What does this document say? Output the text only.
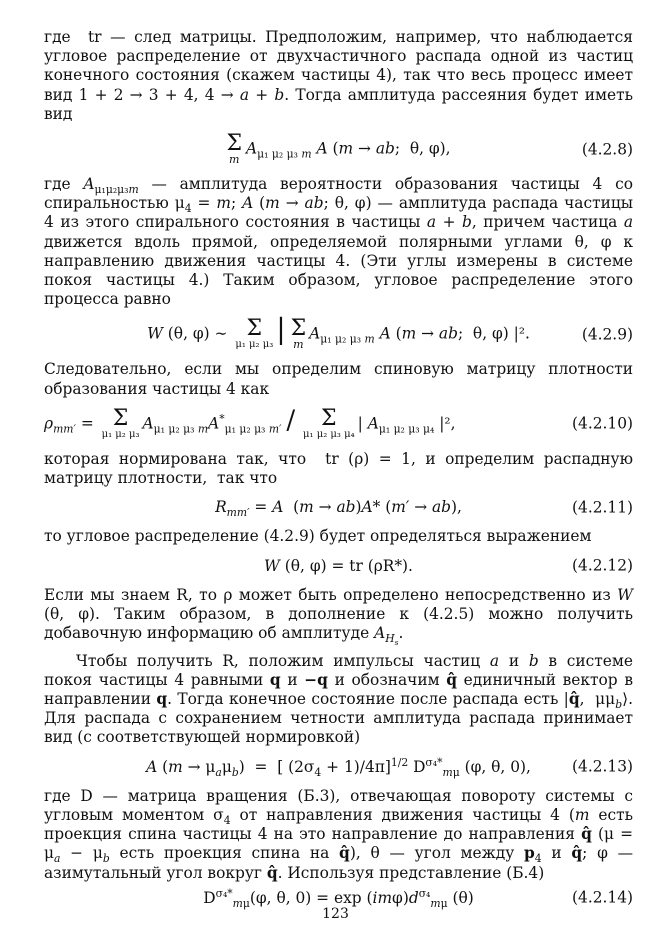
где  tr — след матрицы. Предположим, например, что наблюдается угловое распределение от двухчастичного распада одной из частиц конечного состояния (скажем частицы 4), так что весь процесс имеет вид 1 + 2 → 3 + 4, 4 → a + b. Тогда амплитуда рассеяния будет иметь вид

Σ
m
$A_{\mu_1 \mu_2 \mu_3 m}$ A (m → ab;  θ, φ),	(4.2.8)

где $A_{\mu_1\mu_2\mu_3m}$ — амплитуда вероятности образования частицы 4 со спиральностью $\mu_4 = m$; A (m → ab; θ, φ) — амплитуда распада частицы 4 из этого спирального состояния в частицы a + b, причем частица a движется вдоль прямой, определяемой полярными углами θ, φ к направлению движения частицы 4. (Эти углы измерены в системе покоя частицы 4.) Таким образом, угловое распределение этого процесса равно

W (θ, φ) ∼ Σ
μ₁ μ₂ μ₃ | Σ
m
$A_{\mu_1 \mu_2 \mu_3 m}$ A (m → ab;  θ, φ) |².	(4.2.9)

Следовательно, если мы определим спиновую матрицу плотности образования частицы 4 как

$\rho_{mm'} = \Sigma$
μ₁ μ₂ μ₃
$A_{\mu_1 \mu_2 \mu_3 m}A^*_{\mu_1 \mu_2 \mu_3 m'}$ / Σ
μ₁ μ₂ μ₃ μ₄
| $A_{\mu_1 \mu_2 \mu_3 \mu_4}$ |²,	(4.2.10)

которая нормирована так, что  tr (ρ) = 1, и определим распадную матрицу плотности,  так что

$R_{mm'} = A$  (m → ab)A* (m′ → ab),	(4.2.11)

то угловое распределение (4.2.9) будет определяться выражением

W (θ, φ) = tr (ρR*).	(4.2.12)

Если мы знаем R, то ρ может быть определено непосредственно из W (θ, φ). Таким образом, в дополнение к (4.2.5) можно получить добавочную информацию об амплитуде $A_{H_s}$.

Чтобы получить R, положим импульсы частиц a и b в системе покоя частицы 4 равными q и −q и обозначим q̂ единичный вектор в направлении q. Тогда конечное состояние после распада есть |q̂,  $\mu\mu_b⟩$. Для распада с сохранением четности амплитуда распада принимает вид (с соответствующей нормировкой)

A $(m \to \mu_a\mu_b)$  =  [ $(2\sigma_4 + 1)/4\pi]^{1/2}$ $D^{\sigma_4*}_{m\mu}$ (φ, θ, 0),	(4.2.13)

где D — матрица вращения (Б.3), отвечающая повороту системы с угловым моментом $\sigma_4$ от направления движения частицы 4 (m есть проекция спина частицы 4 на это направление до направления q̂ ($\mu = \mu_a - \mu_b$ есть проекция спина на q̂), θ — угол между $p_4$ и q̂; φ — азимутальный угол вокруг q̂. Используя представление (Б.4)

$D^{\sigma_4*}_{m\mu}(\varphi$, θ, $0) = \exp (im\varphi)d^{\sigma_4}_{m\mu}$ (θ)	(4.2.14)
123
